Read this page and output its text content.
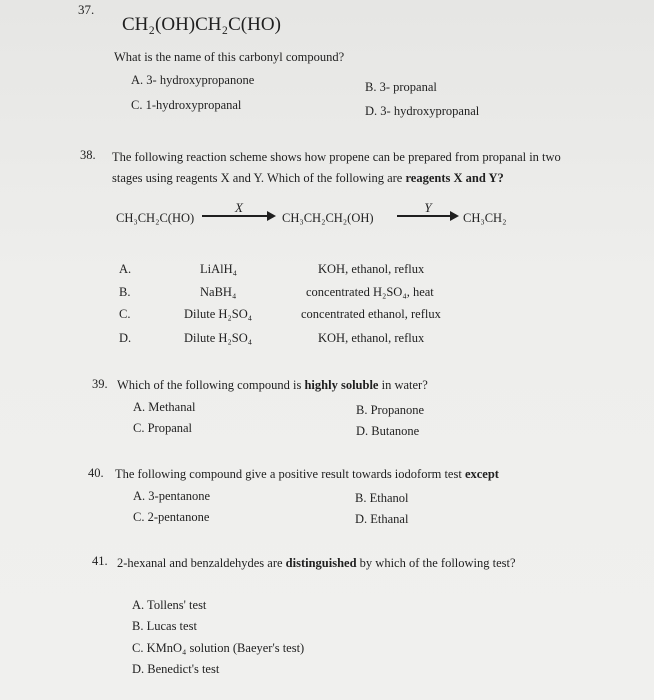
37.
CH₂(OH)CH₂C(HO)
What is the name of this carbonyl compound?
A. 3- hydroxypropanone	B. 3- propanal
C. 1-hydroxypropanal	D. 3- hydroxypropanal
38. The following reaction scheme shows how propene can be prepared from propanal in two
stages using reagents X and Y. Which of the following are reagents X and Y?
CH₃CH₂C(HO)
X
CH₃CH₂CH₂(OH)
Y
CH₃CH₂
A.	LiAlH₄	KOH, ethanol, reflux
B.	NaBH₄	concentrated H₂SO₄, heat
C.	Dilute H₂SO₄	concentrated ethanol, reflux
D.	Dilute H₂SO₄	KOH, ethanol, reflux
39. Which of the following compound is highly soluble in water?
A. Methanal	B. Propanone
C. Propanal	D. Butanone
40. The following compound give a positive result towards iodoform test except
A. 3-pentanone	B. Ethanol
C. 2-pentanone	D. Ethanal
41. 2-hexanal and benzaldehydes are distinguished by which of the following test?
A. Tollens' test
B. Lucas test
C. KMnO₄ solution (Baeyer's test)
D. Benedict's test
